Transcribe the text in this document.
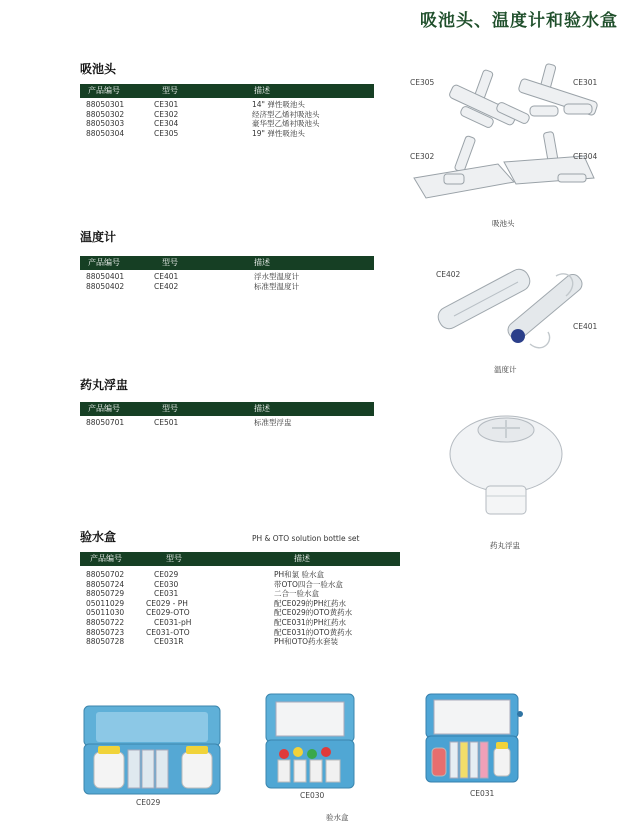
吸池头、温度计和验水盒
吸池头
产品编号	型号	描述
88050301	CE301	14" 弹性吸池头
88050302	CE302	经济型乙烯衬吸池头
88050303	CE304	豪华型乙烯衬吸池头
88050304	CE305	19" 弹性吸池头
CE305	CE301
CE302	CE304
吸池头
温度计
产品编号	型号	描述
88050401	CE401	浮水型温度计
88050402	CE402	标准型温度计
CE402
CE401
温度计
药丸浮盅
产品编号	型号	描述
88050701	CE501	标准型浮盅
药丸浮盅
验水盒	PH & OTO solution bottle set
产品编号	型号	描述
88050702	CE029	PH和氯 验水盒
88050724	CE030	带OTO四合一验水盒
88050729	CE031	二合一验水盒
05011029	CE029 - PH	配CE029的PH红药水
05011030	CE029-OTO	配CE029的OTO黄药水
88050722	CE031-pH	配CE031的PH红药水
88050723	CE031-OTO	配CE031的OTO黄药水
88050728	CE031R	PH和OTO药水套装
CE029
CE030	CE031
验水盒
